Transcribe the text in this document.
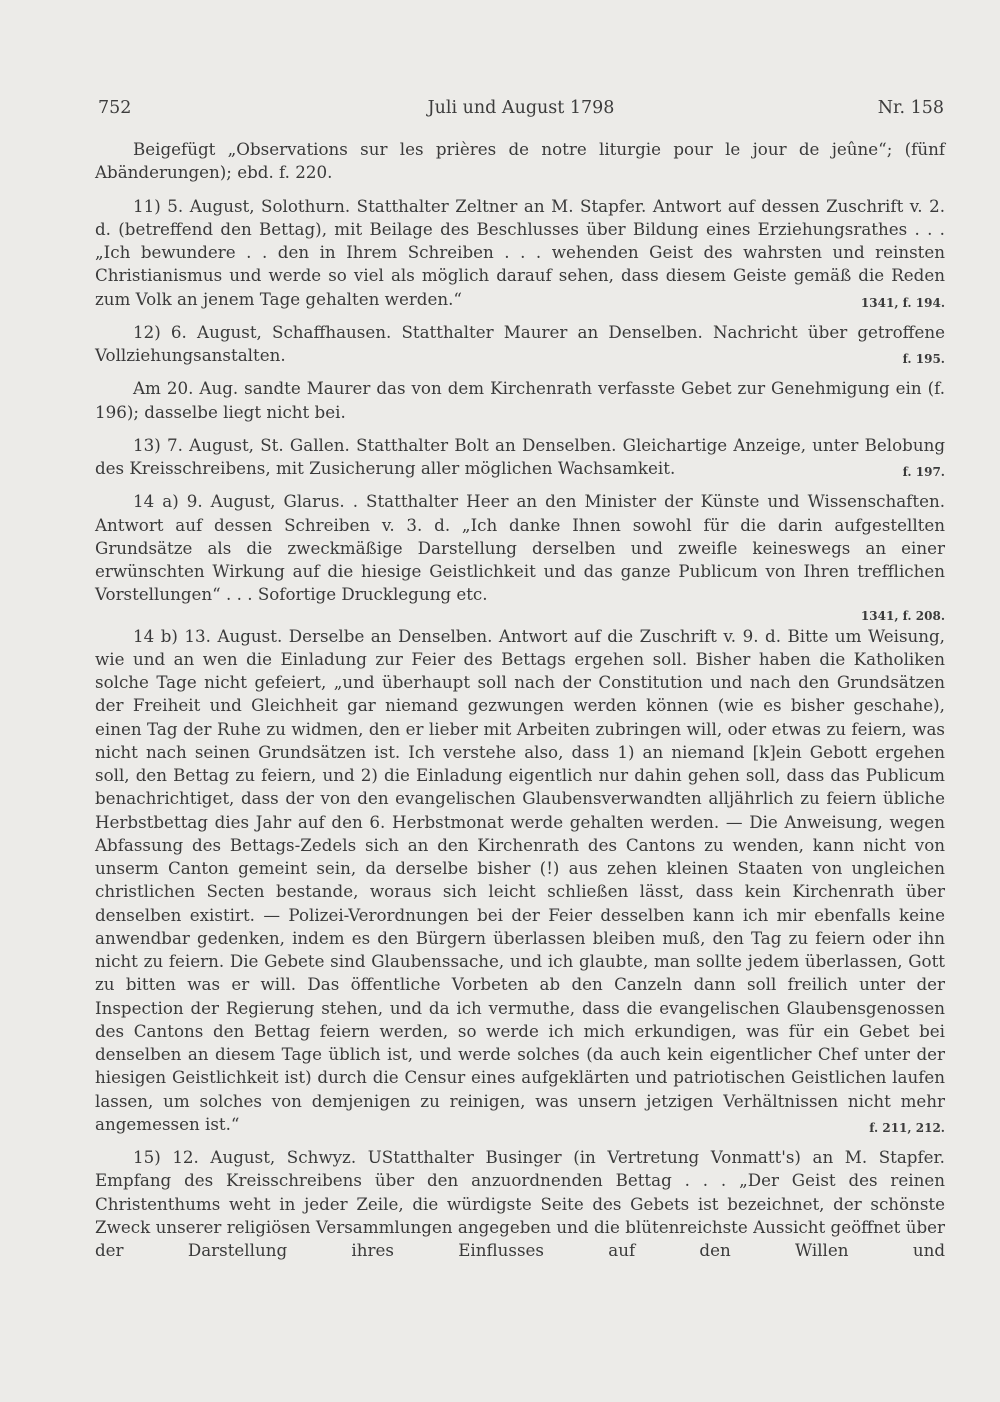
752	Juli und August 1798	Nr. 158

Beigefügt „Observations sur les prières de notre liturgie pour le jour de jeûne“; (fünf Abänderungen); ebd. f. 220.

11) 5. August, Solothurn. Statthalter Zeltner an M. Stapfer. Antwort auf dessen Zuschrift v. 2. d. (betreffend den Bettag), mit Beilage des Beschlusses über Bildung eines Erziehungsrathes . . . „Ich bewundere . . den in Ihrem Schreiben . . . wehenden Geist des wahrsten und reinsten Christianismus und werde so viel als möglich darauf sehen, dass diesem Geiste gemäß die Reden zum Volk an jenem Tage gehalten werden.“	1341, f. 194.

12) 6. August, Schaffhausen. Statthalter Maurer an Denselben. Nachricht über getroffene Vollziehungsanstalten.	f. 195.

Am 20. Aug. sandte Maurer das von dem Kirchenrath verfasste Gebet zur Genehmigung ein (f. 196); dasselbe liegt nicht bei.

13) 7. August, St. Gallen. Statthalter Bolt an Denselben. Gleichartige Anzeige, unter Belobung des Kreisschreibens, mit Zusicherung aller möglichen Wachsamkeit.	f. 197.

14 a) 9. August, Glarus. . Statthalter Heer an den Minister der Künste und Wissenschaften. Antwort auf dessen Schreiben v. 3. d. „Ich danke Ihnen sowohl für die darin aufgestellten Grundsätze als die zweckmäßige Darstellung derselben und zweifle keineswegs an einer erwünschten Wirkung auf die hiesige Geistlichkeit und das ganze Publicum von Ihren trefflichen Vorstellungen“ . . . Sofortige Drucklegung etc.

1341, f. 208.

14 b) 13. August. Derselbe an Denselben. Antwort auf die Zuschrift v. 9. d. Bitte um Weisung, wie und an wen die Einladung zur Feier des Bettags ergehen soll. Bisher haben die Katholiken solche Tage nicht gefeiert, „und überhaupt soll nach der Constitution und nach den Grundsätzen der Freiheit und Gleichheit gar niemand gezwungen werden können (wie es bisher geschahe), einen Tag der Ruhe zu widmen, den er lieber mit Arbeiten zubringen will, oder etwas zu feiern, was nicht nach seinen Grundsätzen ist. Ich verstehe also, dass 1) an niemand [k]ein Gebott ergehen soll, den Bettag zu feiern, und 2) die Einladung eigentlich nur dahin gehen soll, dass das Publicum benachrichtiget, dass der von den evangelischen Glaubensverwandten alljährlich zu feiern übliche Herbstbettag dies Jahr auf den 6. Herbstmonat werde gehalten werden. — Die Anweisung, wegen Abfassung des Bettags-Zedels sich an den Kirchenrath des Cantons zu wenden, kann nicht von unserm Canton gemeint sein, da derselbe bisher (!) aus zehen kleinen Staaten von ungleichen christlichen Secten bestande, woraus sich leicht schließen lässt, dass kein Kirchenrath über denselben existirt. — Polizei-Verordnungen bei der Feier desselben kann ich mir ebenfalls keine anwendbar gedenken, indem es den Bürgern überlassen bleiben muß, den Tag zu feiern oder ihn nicht zu feiern. Die Gebete sind Glaubenssache, und ich glaubte, man sollte jedem überlassen, Gott zu bitten was er will. Das öffentliche Vorbeten ab den Canzeln dann soll freilich unter der Inspection der Regierung stehen, und da ich vermuthe, dass die evangelischen Glaubensgenossen des Cantons den Bettag feiern werden, so werde ich mich erkundigen, was für ein Gebet bei denselben an diesem Tage üblich ist, und werde solches (da auch kein eigentlicher Chef unter der hiesigen Geistlichkeit ist) durch die Censur eines aufgeklärten und patriotischen Geistlichen laufen lassen, um solches von demjenigen zu reinigen, was unsern jetzigen Verhältnissen nicht mehr angemessen ist.“	f. 211, 212.

15) 12. August, Schwyz. UStatthalter Businger (in Vertretung Vonmatt's) an M. Stapfer. Empfang des Kreisschreibens über den anzuordnenden Bettag . . . „Der Geist des reinen Christenthums weht in jeder Zeile, die würdigste Seite des Gebets ist bezeichnet, der schönste Zweck unserer religiösen Versammlungen angegeben und die blütenreichste Aussicht geöffnet über der Darstellung ihres Einflusses auf den Willen und
